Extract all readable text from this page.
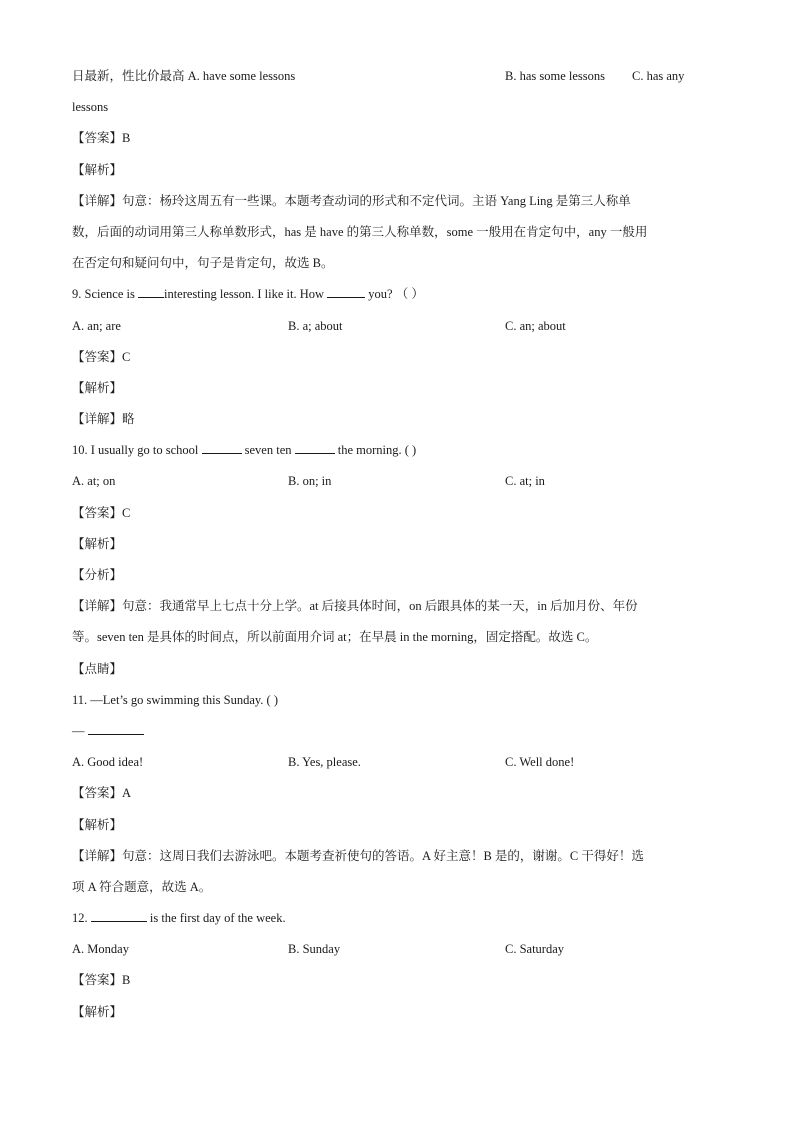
日最新，性比价最高 A. have some lessons	B. has some lessons C. has any
lessons
【答案】B
【解析】
【详解】句意：杨玲这周五有一些课。本题考查动词的形式和不定代词。主语 Yang Ling 是第三人称单
数，后面的动词用第三人称单数形式，has 是 have 的第三人称单数，some 一般用在肯定句中，any 一般用
在否定句和疑问句中，句子是肯定句，故选 B。
9. Science is interesting lesson. I like it. How	you? （ ）
A. an; are	B. a; about	C. an; about
【答案】C
【解析】
【详解】略
10. I usually go to school	seven ten	the morning. ( )
A. at; on	B. on; in	C. at; in
【答案】C
【解析】
【分析】
【详解】句意：我通常早上七点十分上学。at 后接具体时间，on 后跟具体的某一天，in 后加月份、年份
等。seven ten 是具体的时间点，所以前面用介词 at；在早晨 in the morning，固定搭配。故选 C。
【点睛】
11. —Let’s go swimming this Sunday. ( )
—
A. Good idea!	B. Yes, please.	C. Well done!
【答案】A
【解析】
【详解】句意：这周日我们去游泳吧。本题考查祈使句的答语。A 好主意！B 是的，谢谢。C 干得好！选
项 A 符合题意，故选 A。
12.	is the first day of the week.
A. Monday	B. Sunday	C. Saturday
【答案】B
【解析】
